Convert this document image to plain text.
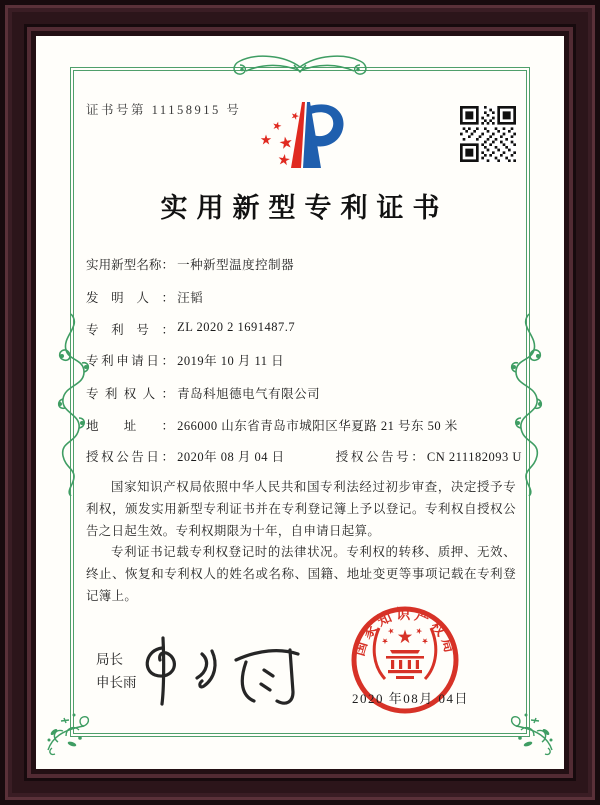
证书号第 11158915 号
实用新型专利证书
实用新型名称： 一种新型温度控制器
发明人： 汪韬
专利号： ZL 2020 2 1691487.7
专利申请日： 2019年 10 月 11 日
专利权人： 青岛科旭德电气有限公司
地址： 266000 山东省青岛市城阳区华夏路 21 号东 50 米
授权公告日： 2020年 08 月 04 日	授权公告号： CN 211182093 U

国家知识产权局依照中华人民共和国专利法经过初步审查，决定授予专利权，颁发实用新型专利证书并在专利登记簿上予以登记。专利权自授权公告之日起生效。专利权期限为十年，自申请日起算。

专利证书记载专利权登记时的法律状况。专利权的转移、质押、无效、终止、恢复和专利权人的姓名或名称、国籍、地址变更等事项记载在专利登记簿上。

局长
申长雨
国家知识产权局
2020 年08月 04日
